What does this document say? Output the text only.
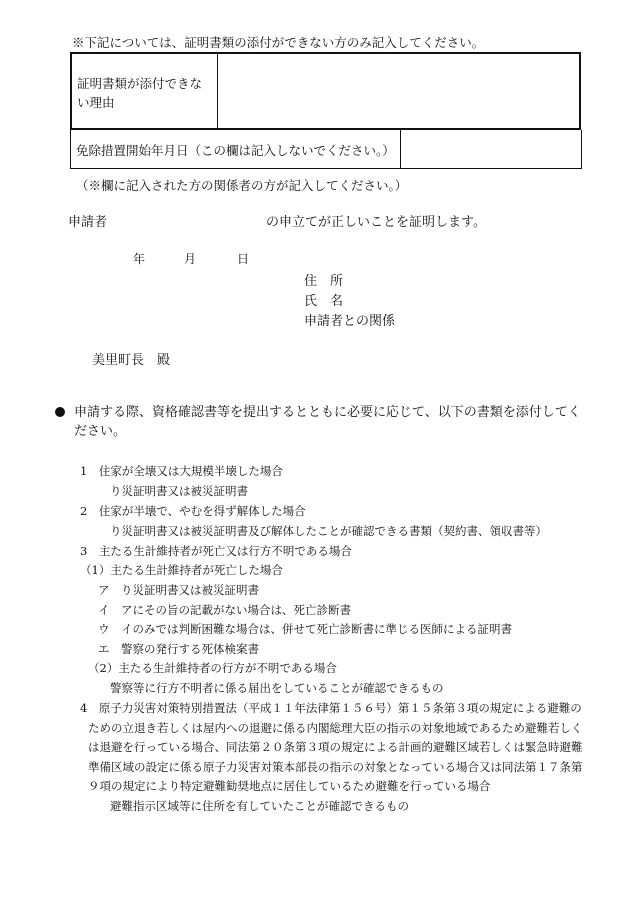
※下記については、証明書類の添付ができない方のみ記入してください。
証明書類が添付できない理由
免除措置開始年月日（この欄は記入しないでください。）
（※欄に記入された方の関係者の方が記入してください。）
申請者	の申立てが正しいことを証明します。
年	月	日
住　所
氏　名
申請者との関係
美里町長　殿
申請する際、資格確認書等を提出するとともに必要に応じて、以下の書類を添付してください。
1　住家が全壊又は大規模半壊した場合
り災証明書又は被災証明書
2　住家が半壊で、やむを得ず解体した場合
り災証明書又は被災証明書及び解体したことが確認できる書類（契約書、領収書等）
3　主たる生計維持者が死亡又は行方不明である場合
（1）主たる生計維持者が死亡した場合
ア　り災証明書又は被災証明書
イ　アにその旨の記載がない場合は、死亡診断書
ウ　イのみでは判断困難な場合は、併せて死亡診断書に準じる医師による証明書
エ　警察の発行する死体検案書
（2）主たる生計維持者の行方が不明である場合
警察等に行方不明者に係る届出をしていることが確認できるもの
4　原子力災害対策特別措置法（平成１１年法律第１５６号）第１５条第３項の規定による避難の
ための立退き若しくは屋内への退避に係る内閣総理大臣の指示の対象地域であるため避難若しく
は退避を行っている場合、同法第２０条第３項の規定による計画的避難区域若しくは緊急時避難
準備区域の設定に係る原子力災害対策本部長の指示の対象となっている場合又は同法第１７条第
９項の規定により特定避難勧奨地点に居住しているため避難を行っている場合
避難指示区域等に住所を有していたことが確認できるもの
